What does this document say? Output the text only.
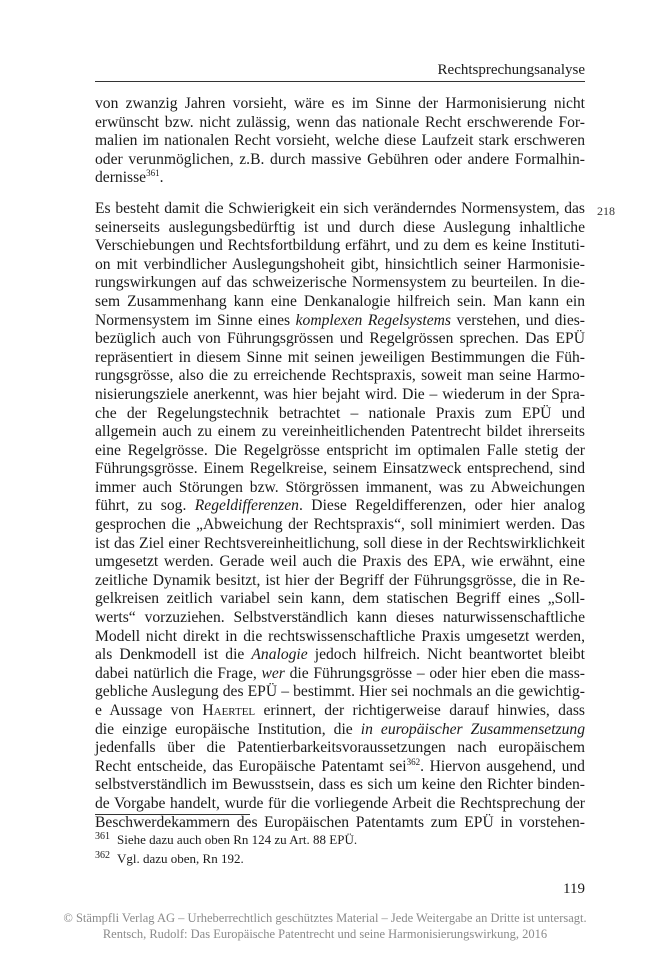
Rechtsprechungsanalyse

von zwanzig Jahren vorsieht, wäre es im Sinne der Harmonisierung nicht
erwünscht bzw. nicht zulässig, wenn das nationale Recht erschwerende For-
malien im nationalen Recht vorsieht, welche diese Laufzeit stark erschweren
oder verunmöglichen, z.B. durch massive Gebühren oder andere Formalhin-
dernisse$^{361}$.

218
Es besteht damit die Schwierigkeit ein sich veränderndes Normensystem, das
seinerseits auslegungsbedürftig ist und durch diese Auslegung inhaltliche
Verschiebungen und Rechtsfortbildung erfährt, und zu dem es keine Instituti-
on mit verbindlicher Auslegungshoheit gibt, hinsichtlich seiner Harmonisie-
rungswirkungen auf das schweizerische Normensystem zu beurteilen. In die-
sem Zusammenhang kann eine Denkanalogie hilfreich sein. Man kann ein
Normensystem im Sinne eines komplexen Regelsystems verstehen, und dies-
bezüglich auch von Führungsgrössen und Regelgrössen sprechen. Das EPÜ
repräsentiert in diesem Sinne mit seinen jeweiligen Bestimmungen die Füh-
rungsgrösse, also die zu erreichende Rechtspraxis, soweit man seine Harmo-
nisierungsziele anerkennt, was hier bejaht wird. Die – wiederum in der Spra-
che der Regelungstechnik betrachtet – nationale Praxis zum EPÜ und
allgemein auch zu einem zu vereinheitlichenden Patentrecht bildet ihrerseits
eine Regelgrösse. Die Regelgrösse entspricht im optimalen Falle stetig der
Führungsgrösse. Einem Regelkreise, seinem Einsatzweck entsprechend, sind
immer auch Störungen bzw. Störgrössen immanent, was zu Abweichungen
führt, zu sog. Regeldifferenzen. Diese Regeldifferenzen, oder hier analog
gesprochen die „Abweichung der Rechtspraxis“, soll minimiert werden. Das
ist das Ziel einer Rechtsvereinheitlichung, soll diese in der Rechtswirklichkeit
umgesetzt werden. Gerade weil auch die Praxis des EPA, wie erwähnt, eine
zeitliche Dynamik besitzt, ist hier der Begriff der Führungsgrösse, die in Re-
gelkreisen zeitlich variabel sein kann, dem statischen Begriff eines „Soll-
werts“ vorzuziehen. Selbstverständlich kann dieses naturwissenschaftliche
Modell nicht direkt in die rechtswissenschaftliche Praxis umgesetzt werden,
als Denkmodell ist die Analogie jedoch hilfreich. Nicht beantwortet bleibt
dabei natürlich die Frage, wer die Führungsgrösse – oder hier eben die mass-
gebliche Auslegung des EPÜ – bestimmt. Hier sei nochmals an die gewichtig-
e Aussage von Haertel erinnert, der richtigerweise darauf hinwies, dass
die einzige europäische Institution, die in europäischer Zusammensetzung
jedenfalls über die Patentierbarkeitsvoraussetzungen nach europäischem
Recht entscheide, das Europäische Patentamt sei$^{362}$. Hiervon ausgehend, und
selbstverständlich im Bewusstsein, dass es sich um keine den Richter binden-
de Vorgabe handelt, wurde für die vorliegende Arbeit die Rechtsprechung der
Beschwerdekammern des Europäischen Patentamts zum EPÜ in vorstehen-

361 Siehe dazu auch oben Rn 124 zu Art. 88 EPÜ.
362 Vgl. dazu oben, Rn 192.
119
© Stämpfli Verlag AG – Urheberrechtlich geschütztes Material – Jede Weitergabe an Dritte ist untersagt.
Rentsch, Rudolf: Das Europäische Patentrecht und seine Harmonisierungswirkung, 2016
